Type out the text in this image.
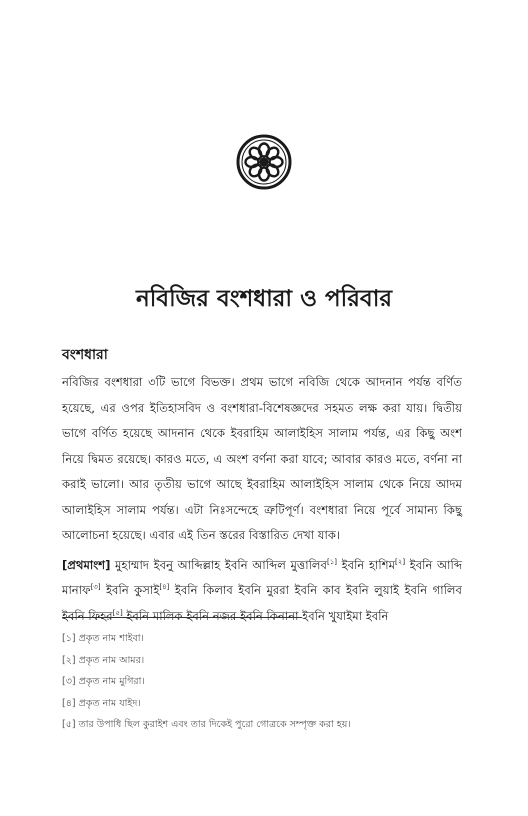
নবিজির বংশধারা ও পরিবার
বংশধারা

নবিজির বংশধারা ৩টি ভাগে বিভক্ত। প্রথম ভাগে নবিজি থেকে আদনান পর্যন্ত বর্ণিত হয়েছে, এর ওপর ইতিহাসবিদ ও বংশধারা-বিশেষজ্ঞদের সহমত লক্ষ করা যায়। দ্বিতীয় ভাগে বর্ণিত হয়েছে আদনান থেকে ইবরাহিম আলাইহিস সালাম পর্যন্ত, এর কিছু অংশ নিয়ে দ্বিমত রয়েছে। কারও মতে, এ অংশ বর্ণনা করা যাবে; আবার কারও মতে, বর্ণনা না করাই ভালো। আর তৃতীয় ভাগে আছে ইবরাহিম আলাইহিস সালাম থেকে নিয়ে আদম আলাইহিস সালাম পর্যন্ত। এটা নিঃসন্দেহে ত্রুটিপূর্ণ। বংশধারা নিয়ে পূর্বে সামান্য কিছু আলোচনা হয়েছে। এবার এই তিন স্তরের বিস্তারিত দেখা যাক।

[প্রথমাংশ] মুহাম্মাদ ইবনু আব্দিল্লাহ ইবনি আব্দিল মুত্তালিব[১] ইবনি হাশিম[২] ইবনি আব্দি মানাফ[৩] ইবনি কুসাই[৪] ইবনি কিলাব ইবনি মুররা ইবনি কাব ইবনি লুয়াই ইবনি গালিব ইবনি ফিহর[৫] ইবনি মালিক ইবনি নজর ইবনি কিনানা ইবনি খুযাইমা ইবনি

[১] প্রকৃত নাম শাইবা।
[২] প্রকৃত নাম আমর।
[৩] প্রকৃত নাম মুগিরা।
[৪] প্রকৃত নাম যাইদ।
[৫] তার উপাধি ছিল কুরাইশ এবং তার দিকেই পুরো গোত্রকে সম্পৃক্ত করা হয়।
